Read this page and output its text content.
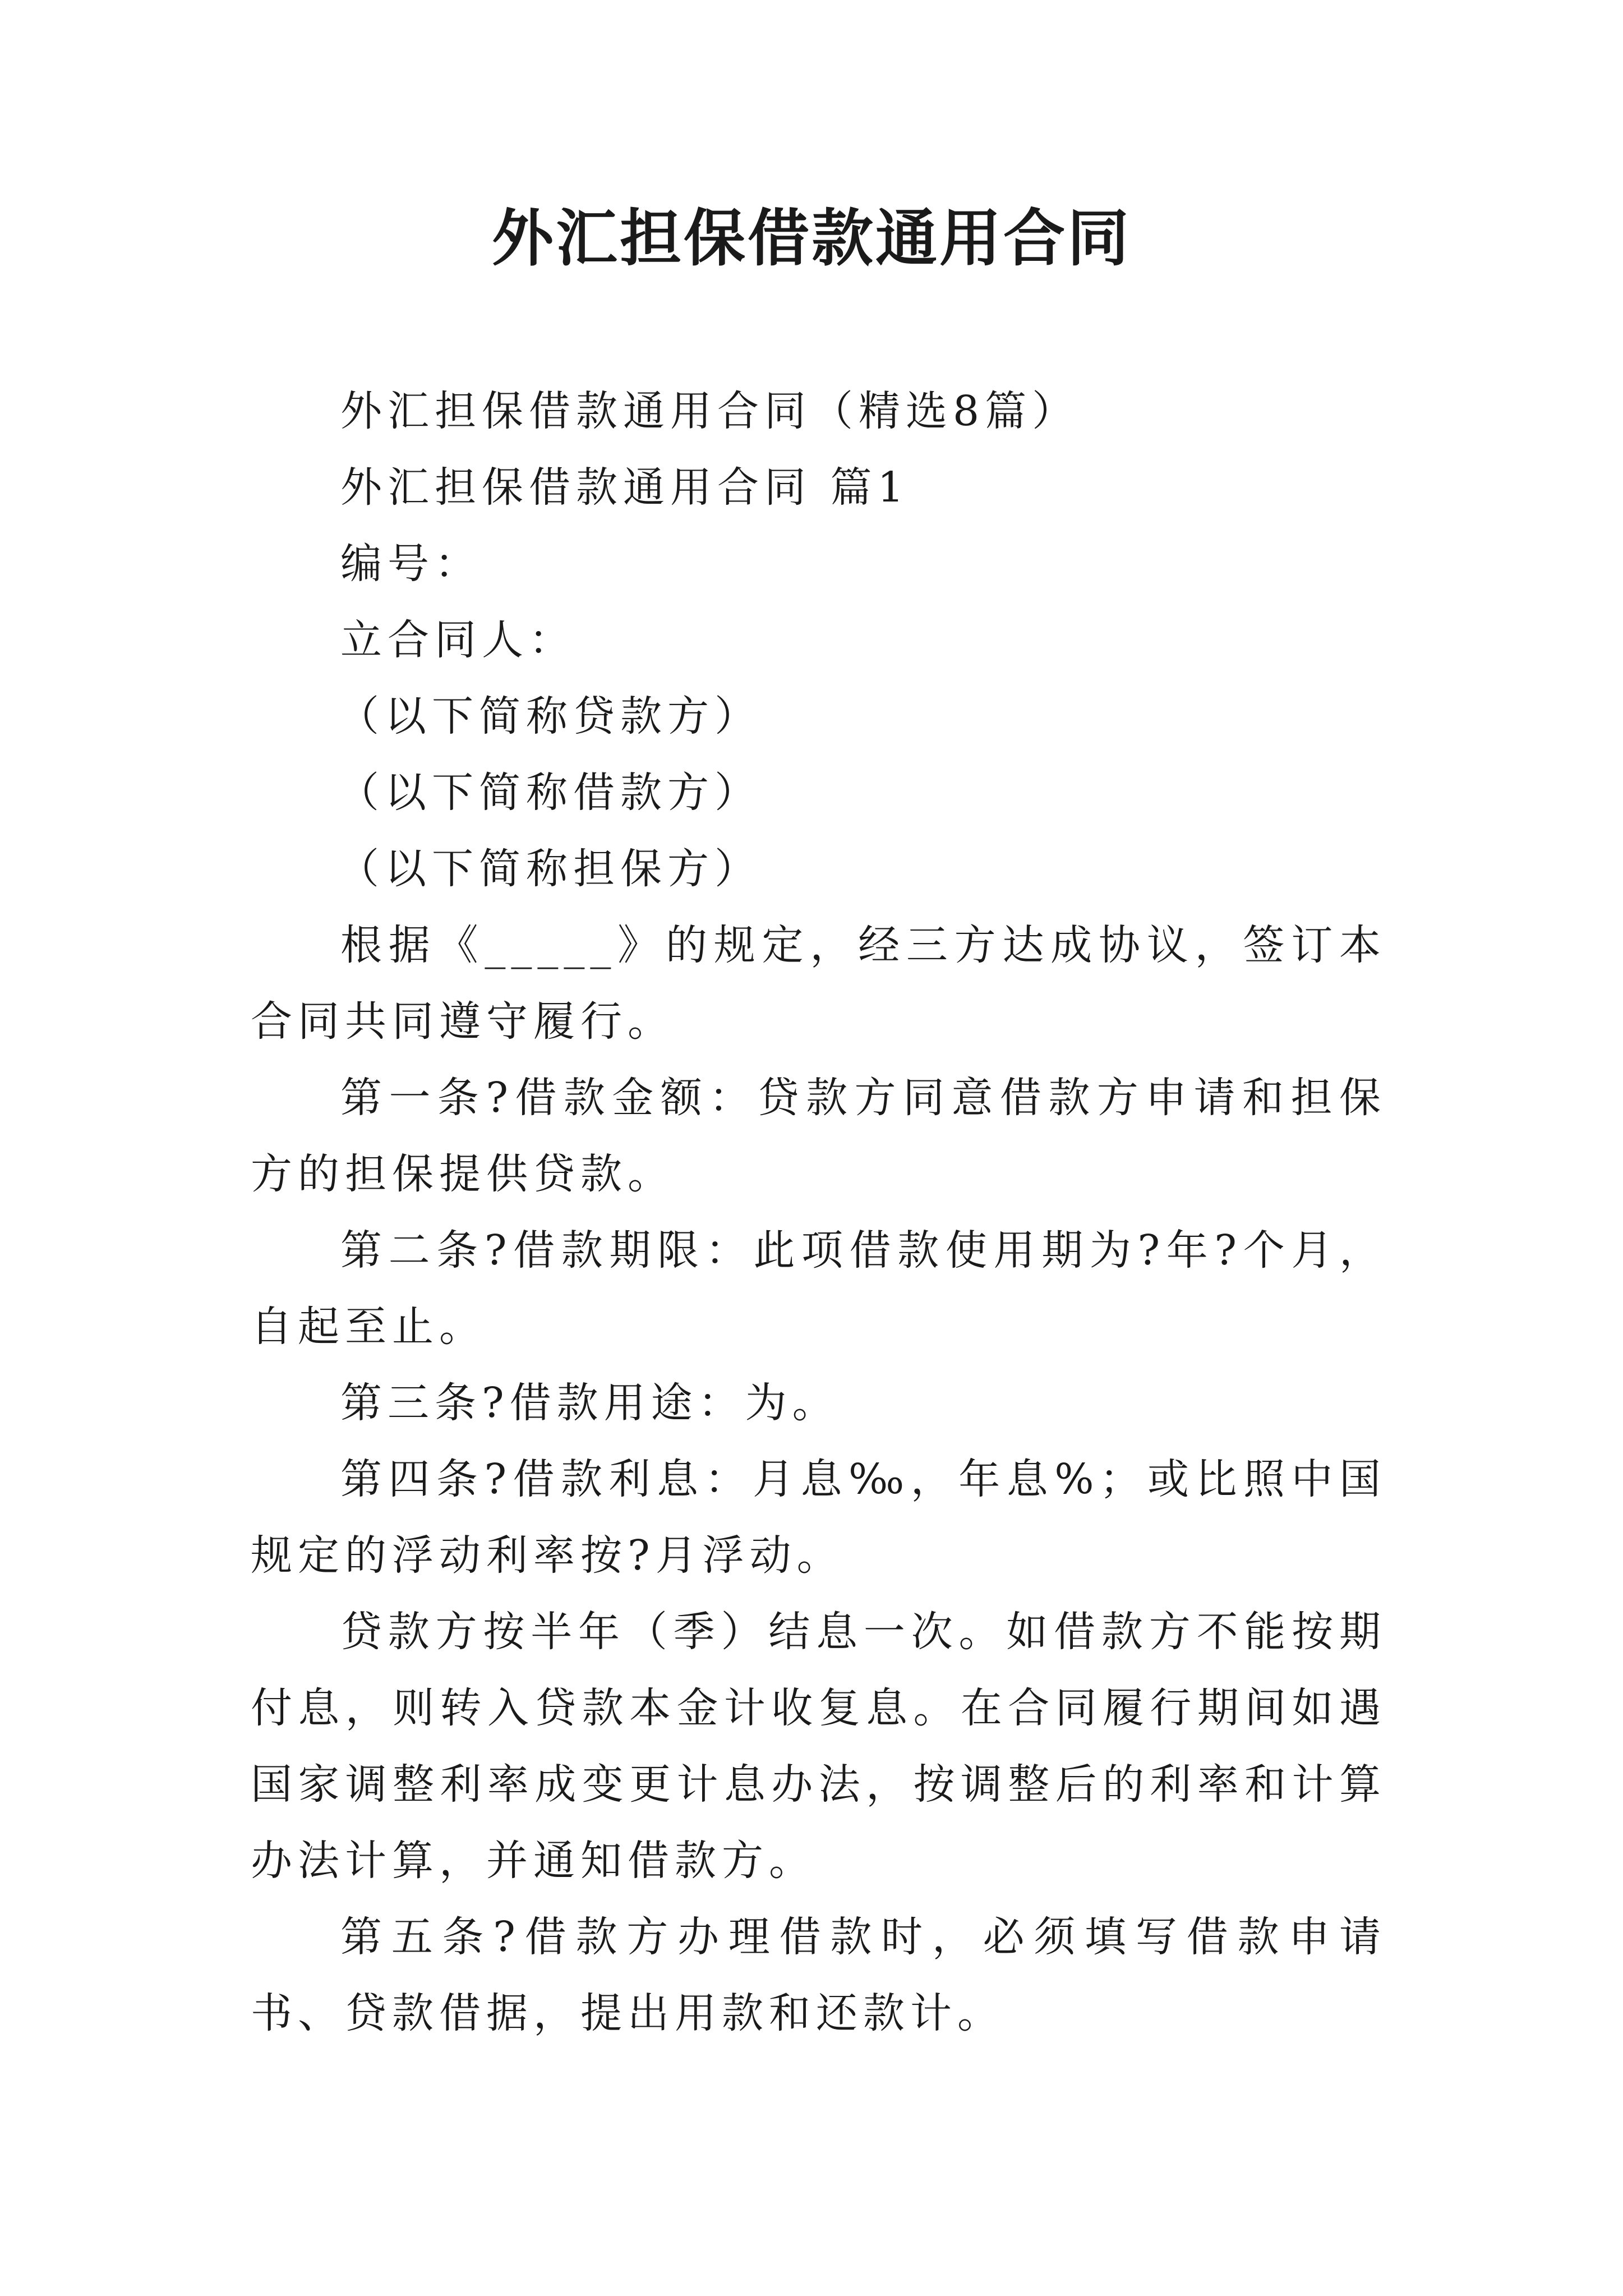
外汇担保借款通用合同

外汇担保借款通用合同（精选8篇）

外汇担保借款通用合同 篇1

编号：

立合同人：

（以下简称贷款方）

（以下简称借款方）

（以下简称担保方）

根据《_____》的规定，经三方达成协议，签订本合同共同遵守履行。

第一条?借款金额：贷款方同意借款方申请和担保方的担保提供贷款。

第二条?借款期限：此项借款使用期为?年?个月，自起至止。

第三条?借款用途：为。

第四条?借款利息：月息‰，年息%；或比照中国规定的浮动利率按?月浮动。

贷款方按半年（季）结息一次。如借款方不能按期付息，则转入贷款本金计收复息。在合同履行期间如遇国家调整利率成变更计息办法，按调整后的利率和计算办法计算，并通知借款方。

第五条?借款方办理借款时，必须填写借款申请书、贷款借据，提出用款和还款计。
